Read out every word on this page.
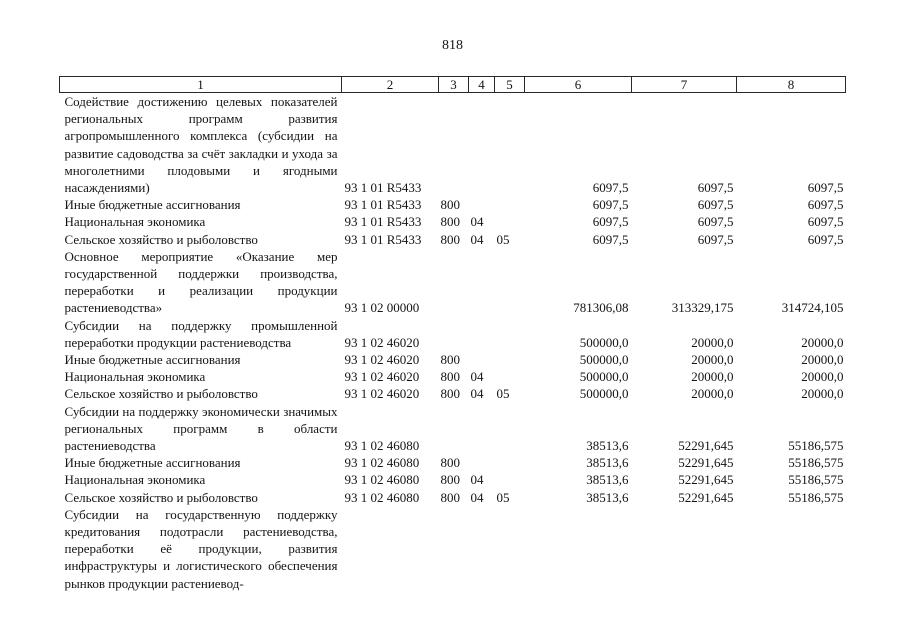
818
1	2	3	4	5	6	7	8
Содействие достижению целевых показателей региональных программ развития агропромышленного комплекса (субсидии на развитие садоводства за счёт закладки и ухода за многолетними плодовыми и ягодными насаждениями)	93 1 01 R5433				6097,5	6097,5	6097,5
Иные бюджетные ассигнования	93 1 01 R5433	800			6097,5	6097,5	6097,5
Национальная экономика	93 1 01 R5433	800	04		6097,5	6097,5	6097,5
Сельское хозяйство и рыболовство	93 1 01 R5433	800	04	05	6097,5	6097,5	6097,5
Основное мероприятие «Оказание мер государственной поддержки производства, переработки и реализации продукции растениеводства»	93 1 02 00000				781306,08	313329,175	314724,105
Субсидии на поддержку промышленной переработки продукции растениеводства	93 1 02 46020				500000,0	20000,0	20000,0
Иные бюджетные ассигнования	93 1 02 46020	800			500000,0	20000,0	20000,0
Национальная экономика	93 1 02 46020	800	04		500000,0	20000,0	20000,0
Сельское хозяйство и рыболовство	93 1 02 46020	800	04	05	500000,0	20000,0	20000,0
Субсидии на поддержку экономически значимых региональных программ в области растениеводства	93 1 02 46080				38513,6	52291,645	55186,575
Иные бюджетные ассигнования	93 1 02 46080	800			38513,6	52291,645	55186,575
Национальная экономика	93 1 02 46080	800	04		38513,6	52291,645	55186,575
Сельское хозяйство и рыболовство	93 1 02 46080	800	04	05	38513,6	52291,645	55186,575
Субсидии на государственную поддержку кредитования подотрасли растениеводства, переработки её продукции, развития инфраструктуры и логистического обеспечения рынков продукции растениевод-							
